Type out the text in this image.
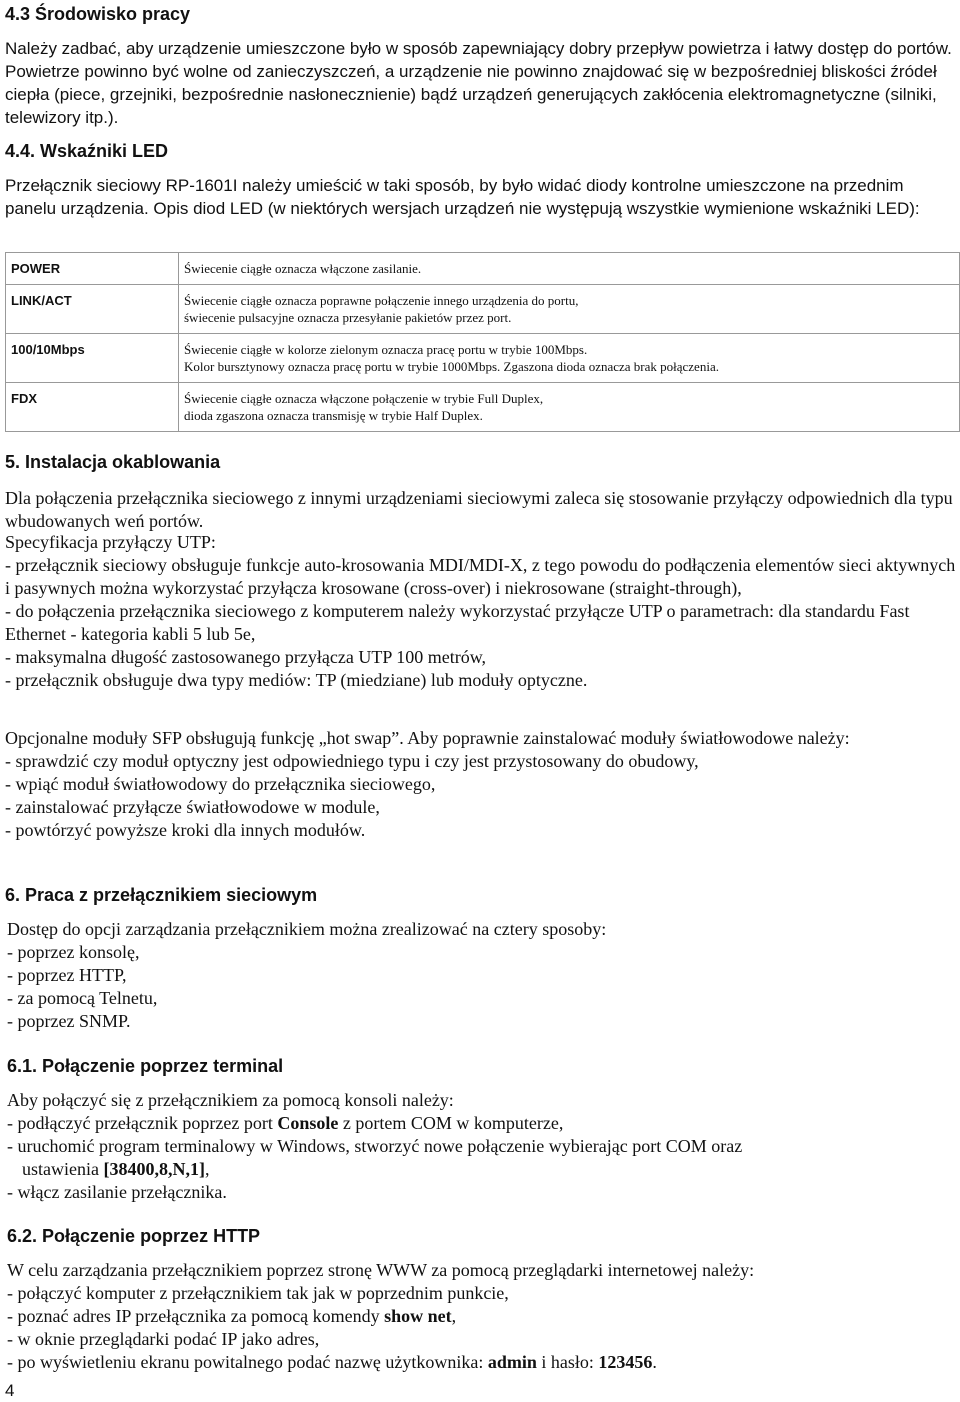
4.3 Środowisko pracy

Należy zadbać, aby urządzenie umieszczone było w sposób zapewniający dobry przepływ powietrza i łatwy dostęp do portów. Powietrze powinno być wolne od zanieczyszczeń, a urządzenie nie powinno znajdować się w bezpośredniej bliskości źródeł ciepła (piece, grzejniki, bezpośrednie nasłonecznienie) bądź urządzeń generujących zakłócenia elektromagnetyczne (silniki, telewizory itp.).

4.4. Wskaźniki LED

Przełącznik sieciowy RP-1601I należy umieścić w taki sposób, by było widać diody kontrolne umieszczone na przednim panelu urządzenia. Opis diod LED (w niektórych wersjach urządzeń nie występują wszystkie wymienione wskaźniki LED):

POWER	Świecenie ciągłe oznacza włączone zasilanie.

LINK/ACT	Świecenie ciągłe oznacza poprawne połączenie innego urządzenia do portu,
świecenie pulsacyjne oznacza przesyłanie pakietów przez port.

100/10Mbps	Świecenie ciągłe w kolorze zielonym oznacza pracę portu w trybie 100Mbps.
Kolor bursztynowy oznacza pracę portu w trybie 1000Mbps. Zgaszona dioda oznacza brak połączenia.

FDX	Świecenie ciągłe oznacza włączone połączenie w trybie Full Duplex,
dioda zgaszona oznacza transmisję w trybie Half Duplex.
5. Instalacja okablowania

Dla połączenia przełącznika sieciowego z innymi urządzeniami sieciowymi zaleca się stosowanie przyłączy odpowiednich dla typu wbudowanych weń portów.

Specyfikacja przyłączy UTP:

- przełącznik sieciowy obsługuje funkcje auto-krosowania MDI/MDI-X, z tego powodu do podłączenia elementów sieci aktywnych i pasywnych można wykorzystać przyłącza krosowane (cross-over) i niekrosowane (straight-through),

- do połączenia przełącznika sieciowego z komputerem należy wykorzystać przyłącze UTP o parametrach: dla standardu Fast Ethernet - kategoria kabli 5 lub 5e,

- maksymalna długość zastosowanego przyłącza UTP 100 metrów,

- przełącznik obsługuje dwa typy mediów: TP (miedziane) lub moduły optyczne.

Opcjonalne moduły SFP obsługują funkcję „hot swap”. Aby poprawnie zainstalować moduły światłowodowe należy:

- sprawdzić czy moduł optyczny jest odpowiedniego typu i czy jest przystosowany do obudowy,

- wpiąć moduł światłowodowy do przełącznika sieciowego,

- zainstalować przyłącze światłowodowe w module,

- powtórzyć powyższe kroki dla innych modułów.

6. Praca z przełącznikiem sieciowym

Dostęp do opcji zarządzania przełącznikiem można zrealizować na cztery sposoby:

- poprzez konsolę,

- poprzez HTTP,

- za pomocą Telnetu,

- poprzez SNMP.

6.1. Połączenie poprzez terminal

Aby połączyć się z przełącznikiem za pomocą konsoli należy:

- podłączyć przełącznik poprzez port Console z portem COM w komputerze,

- uruchomić program terminalowy w Windows, stworzyć nowe połączenie wybierając port COM oraz

ustawienia [38400,8,N,1],

- włącz zasilanie przełącznika.

6.2. Połączenie poprzez HTTP

W celu zarządzania przełącznikiem poprzez stronę WWW za pomocą przeglądarki internetowej należy:

- połączyć komputer z przełącznikiem tak jak w poprzednim punkcie,

- poznać adres IP przełącznika za pomocą komendy show net,

- w oknie przeglądarki podać IP jako adres,

- po wyświetleniu ekranu powitalnego podać nazwę użytkownika: admin i hasło: 123456.

4
